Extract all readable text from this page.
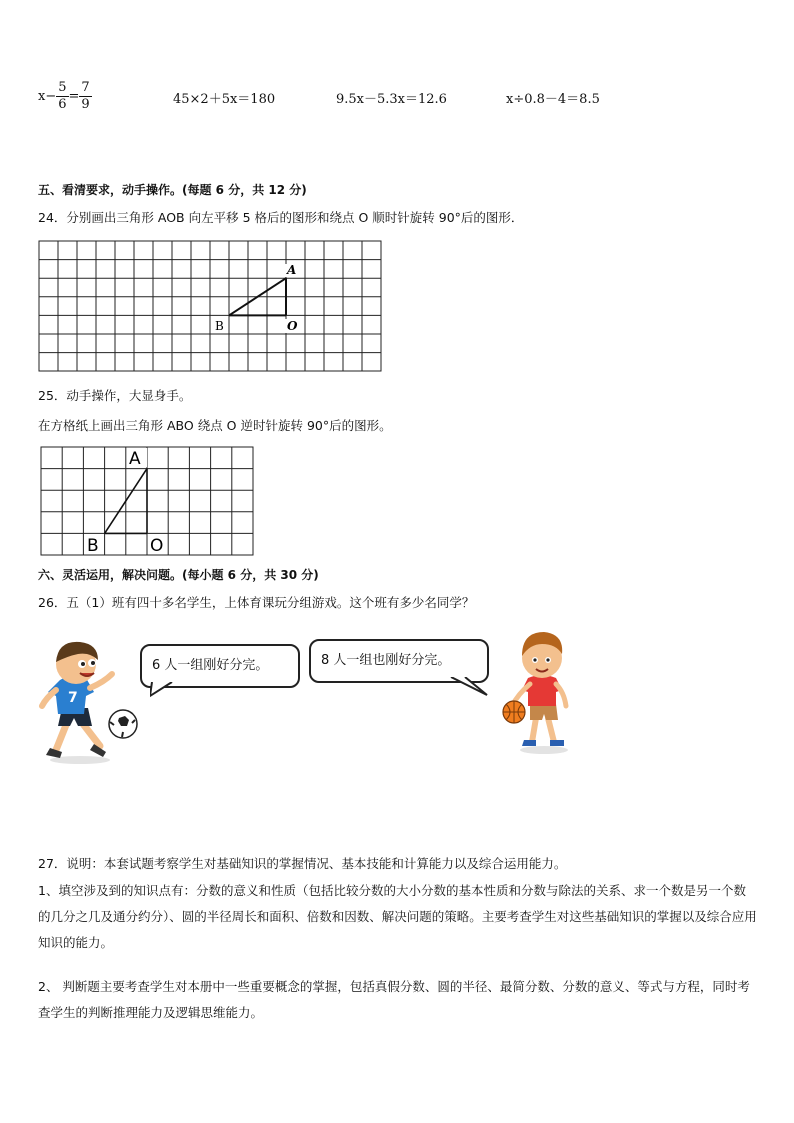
$x- \frac{5}{6} = \frac{7}{9}$	45×2＋5x＝180	9.5x－5.3x＝12.6	x÷0.8－4＝8.5
五、看清要求，动手操作。(每题 6 分，共 12 分)
24．分别画出三角形 AOB 向左平移 5 格后的图形和绕点 O 顺时针旋转 90°后的图形．
A
B	O
25．动手操作，大显身手。
在方格纸上画出三角形 ABO 绕点 O 逆时针旋转 90°后的图形。
A
B	O
六、灵活运用，解决问题。(每小题 6 分，共 30 分)
26．五（1）班有四十多名学生，上体育课玩分组游戏。这个班有多少名同学？
7
6 人一组刚好分完。	8 人一组也刚好分完。
27．说明：本套试题考察学生对基础知识的掌握情况、基本技能和计算能力以及综合运用能力。
1、填空涉及到的知识点有：分数的意义和性质（包括比较分数的大小分数的基本性质和分数与除法的关系、求一个数是另一个数的几分之几及通分约分）、圆的半径周长和面积、倍数和因数、解决问题的策略。主要考查学生对这些基础知识的掌握以及综合应用知识的能力。
2、 判断题主要考查学生对本册中一些重要概念的掌握，包括真假分数、圆的半径、最简分数、分数的意义、等式与方程，同时考查学生的判断推理能力及逻辑思维能力。
